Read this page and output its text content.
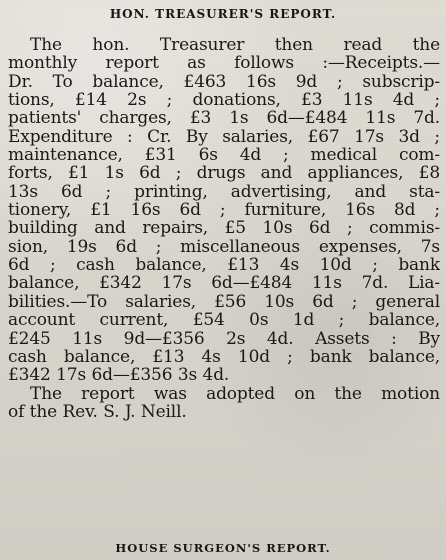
HON. TREASURER'S REPORT.
The hon. Treasurer then read the
monthly report as follows :—Receipts.—
Dr. To balance, £463 16s 9d ; subscrip-
tions, £14 2s ; donations, £3 11s 4d ;
patients' charges, £3 1s 6d—£484 11s 7d.
Expenditure : Cr. By salaries, £67 17s 3d ;
maintenance, £31 6s 4d ; medical com-
forts, £1 1s 6d ; drugs and appliances, £8
13s 6d ; printing, advertising, and sta-
tionery, £1 16s 6d ; furniture, 16s 8d ;
building and repairs, £5 10s 6d ; commis-
sion, 19s 6d ; miscellaneous expenses, 7s
6d ; cash balance, £13 4s 10d ; bank
balance, £342 17s 6d—£484 11s 7d. Lia-
bilities.—To salaries, £56 10s 6d ; general
account current, £54 0s 1d ; balance,
£245 11s 9d—£356 2s 4d. Assets : By
cash balance, £13 4s 10d ; bank balance,
£342 17s 6d—£356 3s 4d.
The report was adopted on the motion
of the Rev. S. J. Neill.
HOUSE SURGEON'S REPORT.
